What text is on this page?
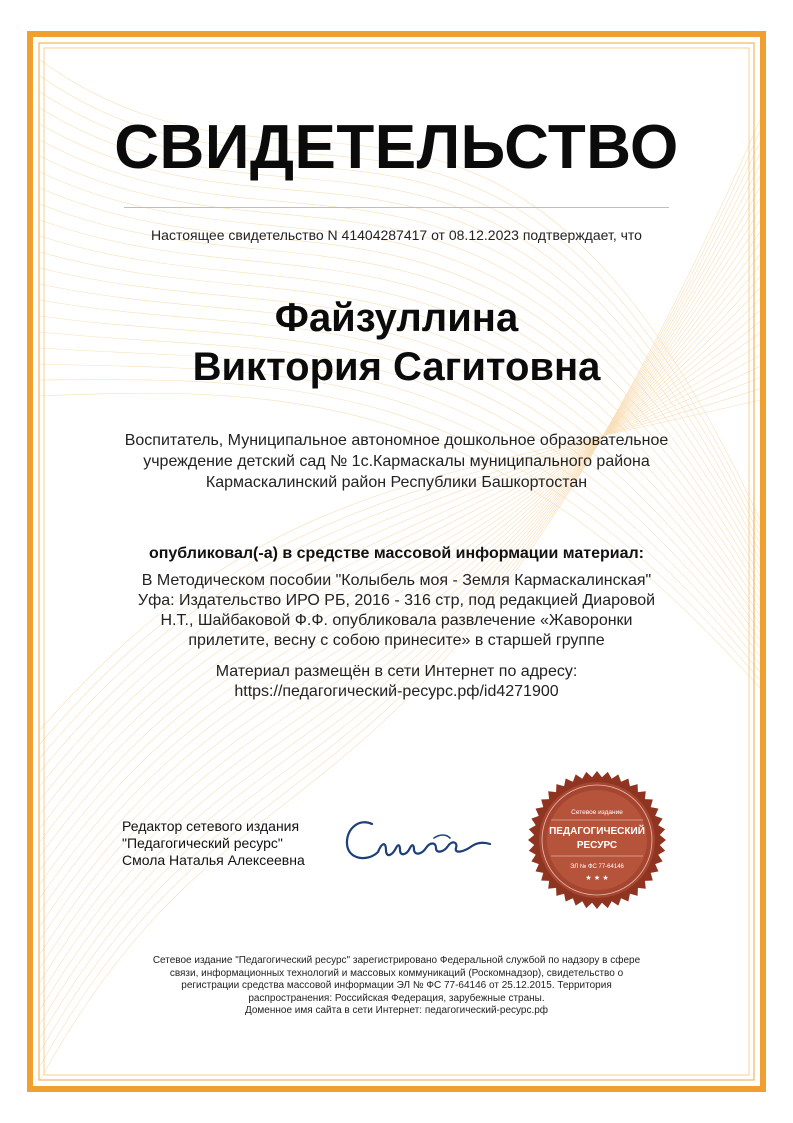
СВИДЕТЕЛЬСТВО
Настоящее свидетельство N 41404287417 от 08.12.2023 подтверждает, что
Файзуллина
Виктория Сагитовна
Воспитатель, Муниципальное автономное дошкольное образовательное
учреждение детский сад № 1с.Кармаскалы муниципального района
Кармаскалинский район Республики Башкортостан
опубликовал(-а) в средстве массовой информации материал:
В Методическом пособии "Колыбель моя - Земля Кармаскалинская"
Уфа: Издательство ИРО РБ, 2016 - 316 стр, под редакцией Диаровой
Н.Т., Шайбаковой Ф.Ф. опубликовала развлечение «Жаворонки
прилетите, весну с собою принесите» в старшей группе
Материал размещён в сети Интернет по адресу:
https://педагогический-ресурс.рф/id4271900
Редактор сетевого издания
"Педагогический ресурс"
Смола Наталья Алексеевна
Сетевое издание
ПЕДАГОГИЧЕСКИЙ
РЕСУРС
ЭЛ № ФС 77-64146
★ ★ ★

Сетевое издание "Педагогический ресурс" зарегистрировано Федеральной службой по надзору в сфере

связи, информационных технологий и массовых коммуникаций (Роскомнадзор), свидетельство о

регистрации средства массовой информации ЭЛ № ФС 77-64146 от 25.12.2015. Территория

распространения: Российская Федерация, зарубежные страны.

Доменное имя сайта в сети Интернет: педагогический-ресурс.рф
